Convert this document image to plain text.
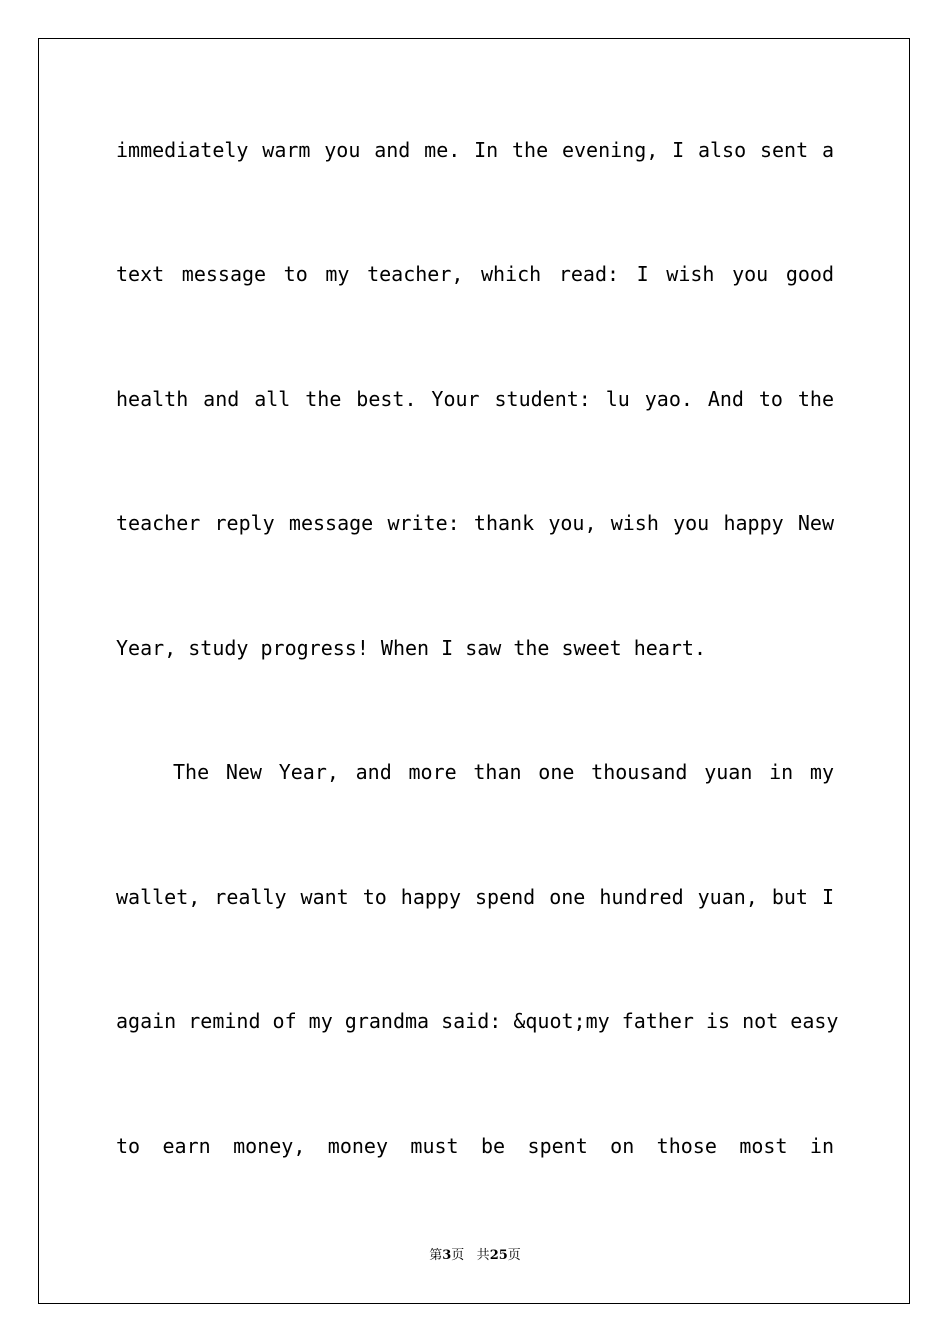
immediately warm you and me. In the evening, I also sent a
text message to my teacher, which read: I wish you good
health and all the best. Your student: lu yao. And to the
teacher reply message write: thank you, wish you happy New
Year, study progress! When I saw the sweet heart.
The New Year, and more than one thousand yuan in my
wallet, really want to happy spend one hundred yuan, but I
again remind of my grandma said: &quot;my father is not easy
to earn money, money must be spent on those most in
第3页 共25页
